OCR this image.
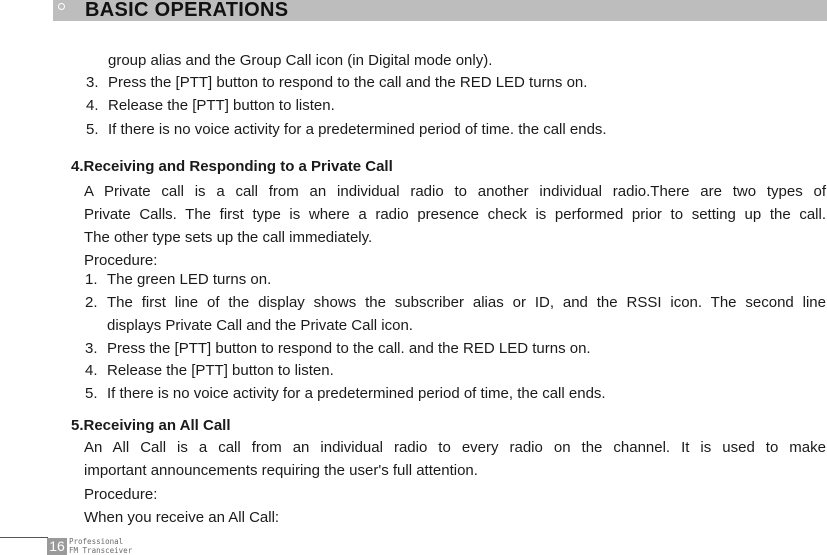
BASIC OPERATIONS
group alias and the Group Call icon (in Digital mode only).
3. Press the [PTT] button to respond to the call and the RED LED turns on.
4. Release the [PTT] button to listen.
5. If there is no voice activity for a predetermined period of time. the call ends.
4.Receiving and Responding to a Private Call
A Private call is a call from an individual radio to another individual radio.There are two types of
Private Calls. The first type is where a radio presence check is performed prior to setting up the call.
The other type sets up the call immediately.
Procedure:
1. The green LED turns on.
2. The first line of the display shows the subscriber alias or ID, and the RSSI icon. The second line
displays Private Call and the Private Call icon.
3. Press the [PTT] button to respond to the call. and the RED LED turns on.
4. Release the [PTT] button to listen.
5. If there is no voice activity for a predetermined period of time, the call ends.
5.Receiving an All Call
An All Call is a call from an individual radio to every radio on the channel. It is used to make
important announcements requiring the user's full attention.
Procedure:
When you receive an All Call:
16 Professional
FM Transceiver
